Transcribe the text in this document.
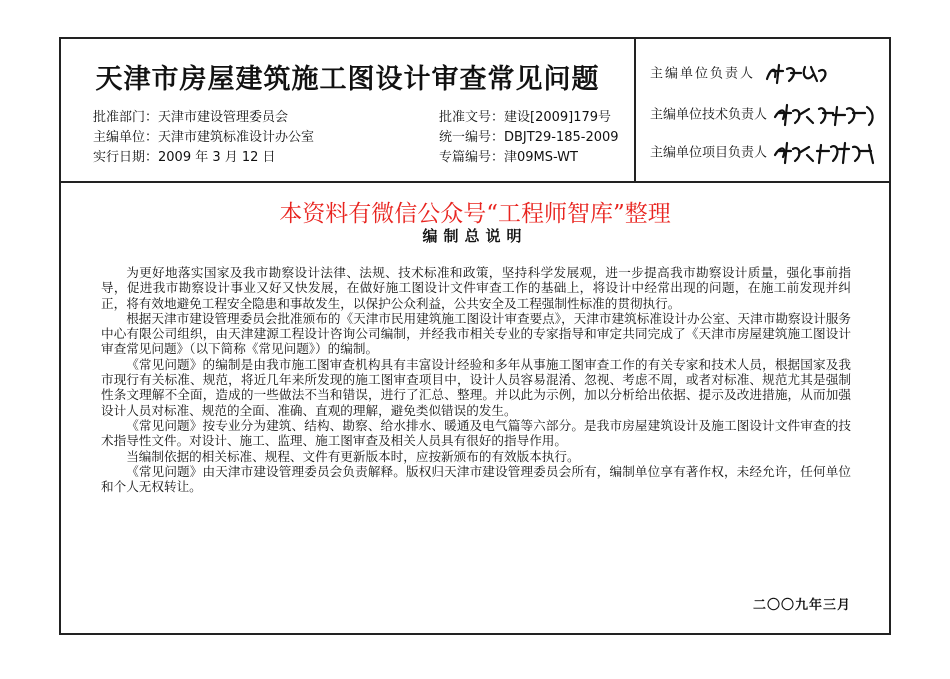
天津市房屋建筑施工图设计审查常见问题
批准部门：天津市建设管理委员会
主编单位：天津市建筑标准设计办公室
实行日期：2009 年 3 月 12 日
批准文号：建设[2009]179号
统一编号：DBJT29-185-2009
专篇编号：津09MS-WT
主编单位负责人
主编单位技术负责人
主编单位项目负责人
本资料有微信公众号“工程师智库”整理
编制总说明

为更好地落实国家及我市勘察设计法律、法规、技术标准和政策，坚持科学发展观，进一步提高我市勘察设计质量，强化事前指导，促进我市勘察设计事业又好又快发展，在做好施工图设计文件审查工作的基础上，将设计中经常出现的问题，在施工前发现并纠正，将有效地避免工程安全隐患和事故发生，以保护公众利益，公共安全及工程强制性标准的贯彻执行。

根据天津市建设管理委员会批准颁布的《天津市民用建筑施工图设计审查要点》，天津市建筑标准设计办公室、天津市勘察设计服务中心有限公司组织，由天津建源工程设计咨询公司编制，并经我市相关专业的专家指导和审定共同完成了《天津市房屋建筑施工图设计审查常见问题》（以下简称《常见问题》）的编制。

《常见问题》的编制是由我市施工图审查机构具有丰富设计经验和多年从事施工图审查工作的有关专家和技术人员，根据国家及我市现行有关标准、规范，将近几年来所发现的施工图审查项目中，设计人员容易混淆、忽视、考虑不周，或者对标准、规范尤其是强制性条文理解不全面，造成的一些做法不当和错误，进行了汇总、整理。并以此为示例，加以分析给出依据、提示及改进措施，从而加强设计人员对标准、规范的全面、准确、直观的理解，避免类似错误的发生。

《常见问题》按专业分为建筑、结构、勘察、给水排水、暖通及电气篇等六部分。是我市房屋建筑设计及施工图设计文件审查的技术指导性文件。对设计、施工、监理、施工图审查及相关人员具有很好的指导作用。

当编制依据的相关标准、规程、文件有更新版本时，应按新颁布的有效版本执行。

《常见问题》由天津市建设管理委员会负责解释。版权归天津市建设管理委员会所有，编制单位享有著作权，未经允许，任何单位和个人无权转让。

二〇〇九年三月
